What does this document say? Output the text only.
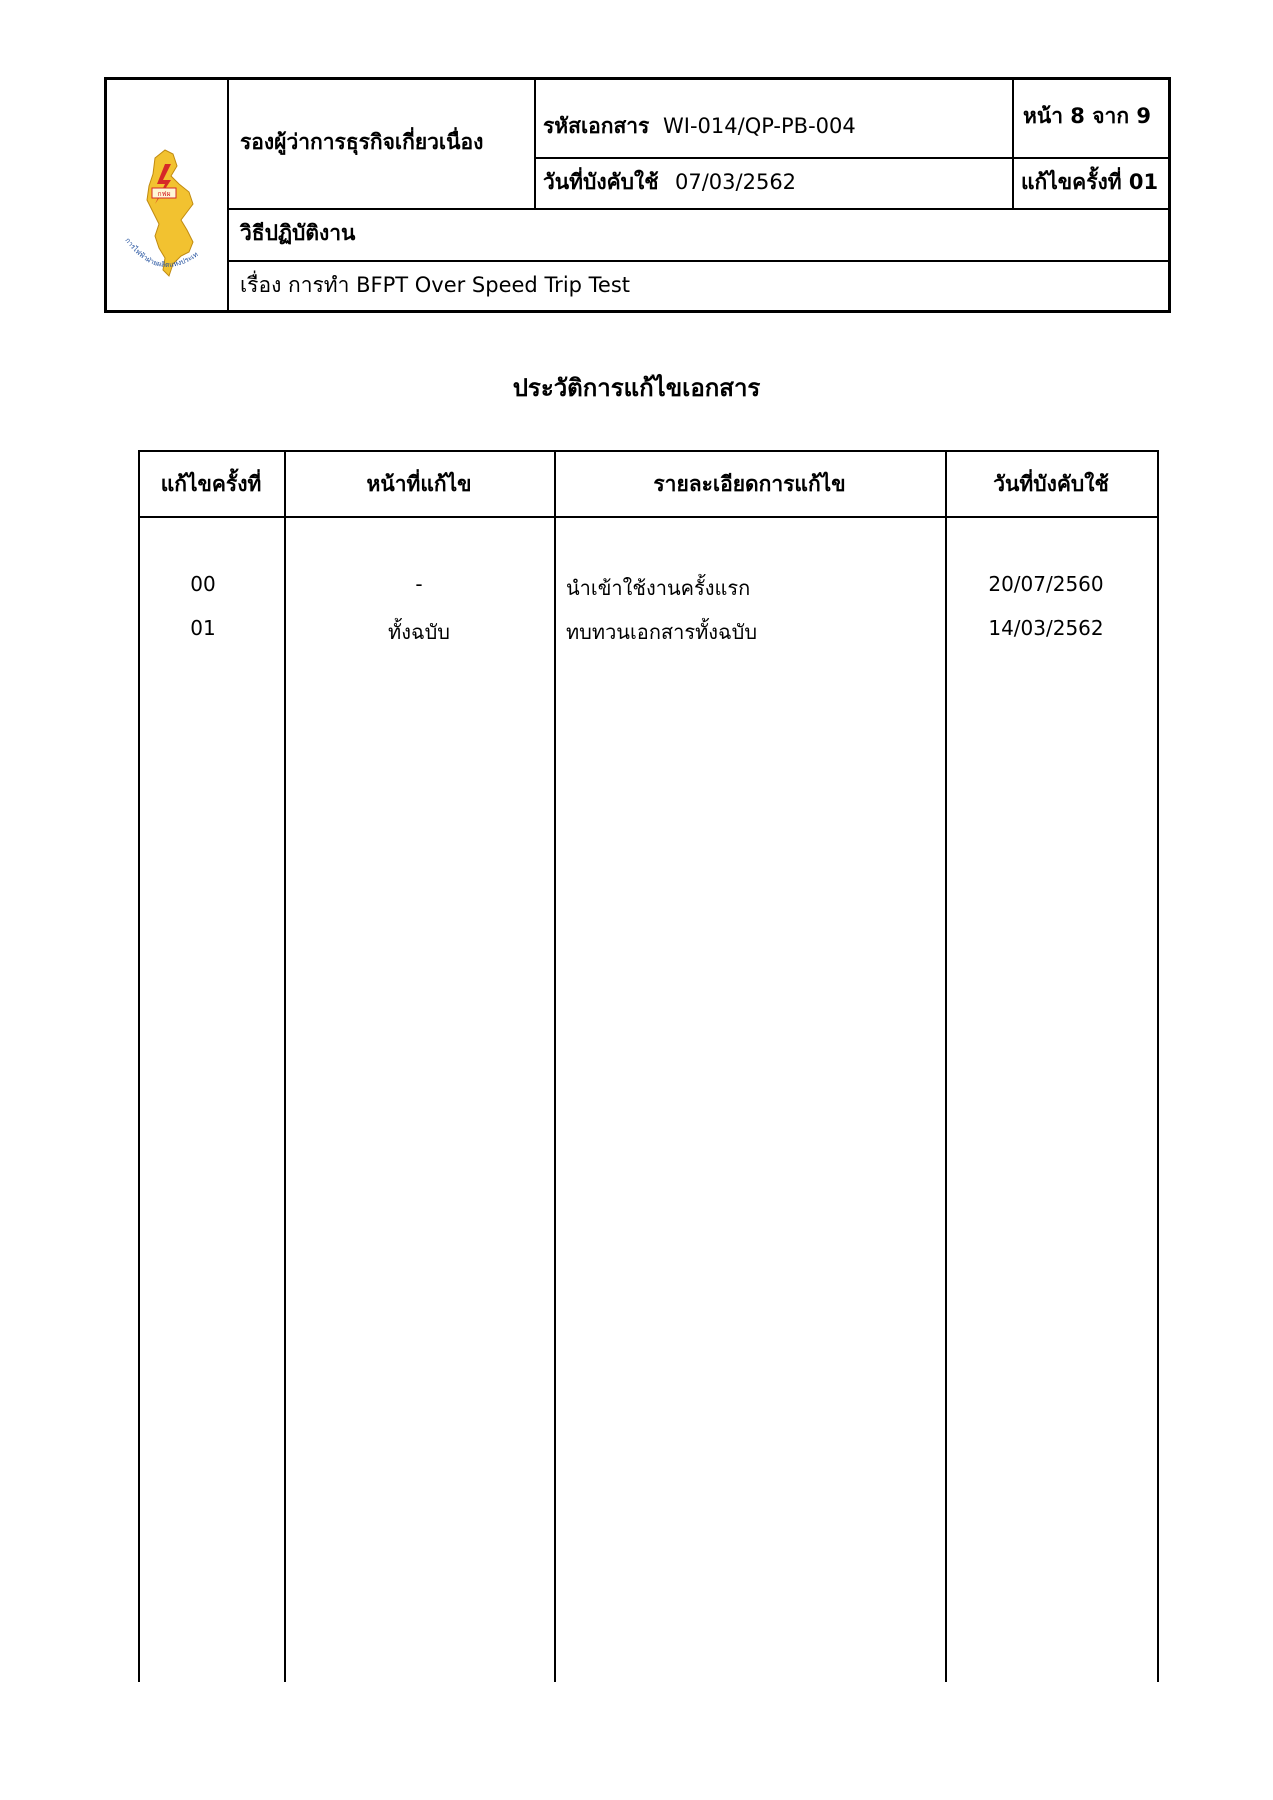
กฟผ
การไฟฟ้าฝ่ายผลิตแห่งประเท
รองผู้ว่าการธุรกิจเกี่ยวเนื่อง
รหัสเอกสาร WI-014/QP-PB-004	หน้า 8 จาก 9
วันที่บังคับใช้ 07/03/2562	แก้ไขครั้งที่ 01
วิธีปฏิบัติงาน
เรื่อง การทำ BFPT Over Speed Trip Test
ประวัติการแก้ไขเอกสาร
แก้ไขครั้งที่	หน้าที่แก้ไข	รายละเอียดการแก้ไข	วันที่บังคับใช้
00	-	นำเข้าใช้งานครั้งแรก	20/07/2560
01	ทั้งฉบับ	ทบทวนเอกสารทั้งฉบับ	14/03/2562
